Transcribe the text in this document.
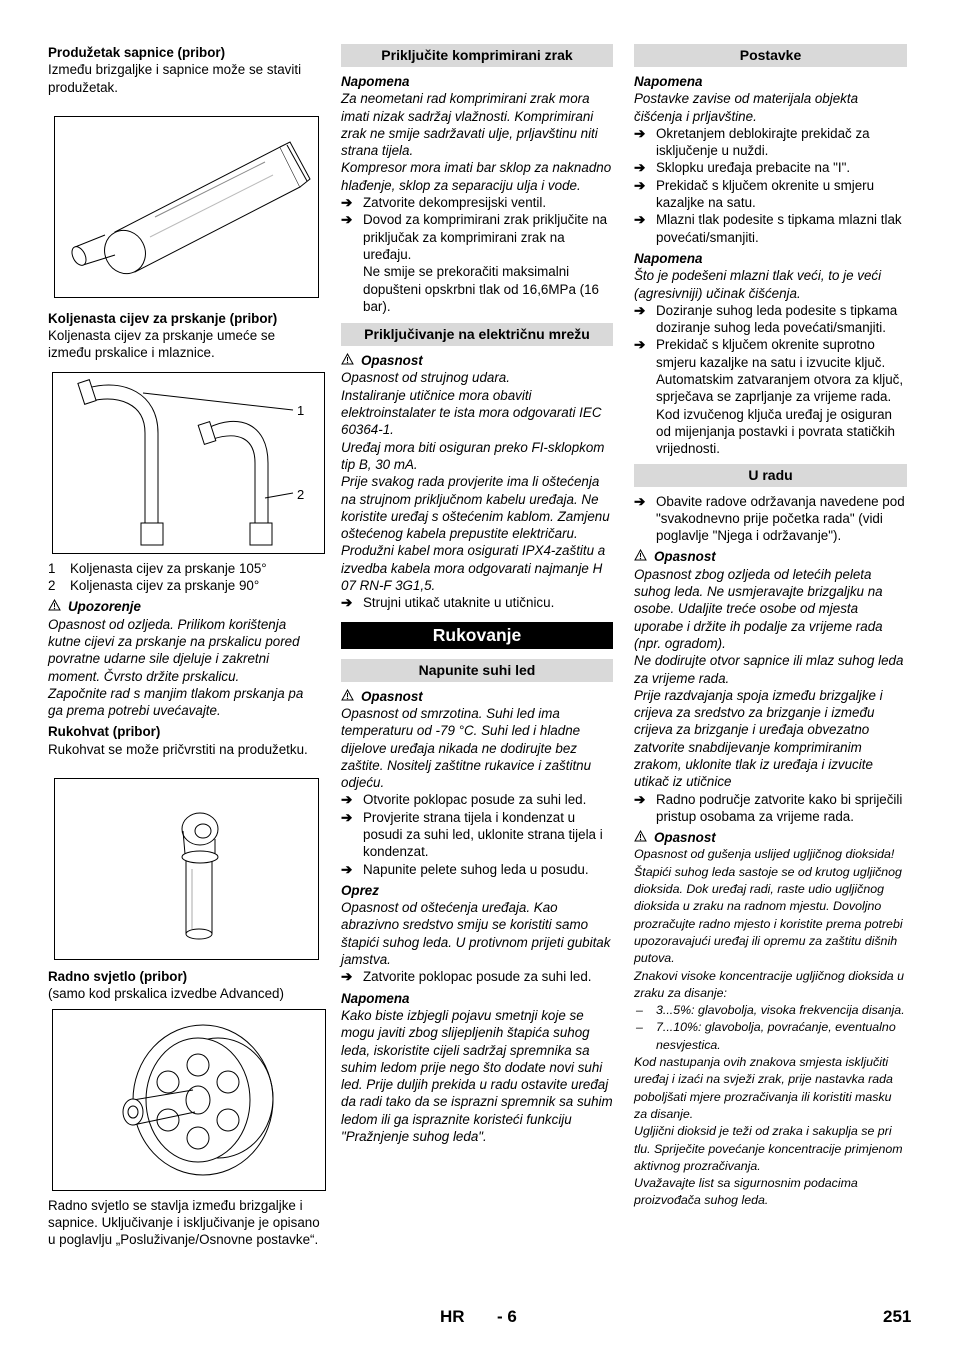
Produžetak sapnice (pribor)

Između brizgaljke i sapnice može se staviti produžetak.

Koljenasta cijev za prskanje (pribor)

Koljenasta cijev za prskanje umeće se između prskalice i mlaznice.

1
2
1	Koljenasta cijev za prskanje 105°
2	Koljenasta cijev za prskanje 90°
Upozorenje

Opasnost od ozljeda. Prilikom korištenja kutne cijevi za prskanje na prskalicu pored povratne udarne sile djeluje i zakretni moment. Čvrsto držite prskalicu.

Započnite rad s manjim tlakom prskanja pa ga prema potrebi uvećavajte.

Rukohvat (pribor)

Rukohvat se može pričvrstiti na produžetku.

Radno svjetlo (pribor)

(samo kod prskalica izvedbe Advanced)

Radno svjetlo se stavlja između brizgaljke i sapnice. Uključivanje i isključivanje je opisano u poglavlju „Posluživanje/Osnovne postavke“.

Priključite komprimirani zrak

Napomena

Za neometani rad komprimirani zrak mora imati nizak sadržaj vlažnosti. Komprimirani zrak ne smije sadržavati ulje, prljavštinu niti strana tijela.

Kompresor mora imati bar sklop za naknadno hlađenje, sklop za separaciju ulja i vode.

➔ Zatvorite dekompresijski ventil.
➔ Dovod za komprimirani zrak priključite na priključak za komprimirani zrak na uređaju.

Ne smije se prekoračiti maksimalni dopušteni opskrbni tlak od 16,6MPa (16 bar).

Priključivanje na električnu mrežu
Opasnost

Opasnost od strujnog udara.

Instaliranje utičnice mora obaviti elektroinstalater te ista mora odgovarati IEC 60364-1.

Uređaj mora biti osiguran preko FI-sklopkom tip B, 30 mA.

Prije svakog rada provjerite ima li oštećenja na strujnom priključnom kabelu uređaja. Ne koristite uređaj s oštećenim kablom. Zamjenu oštećenog kabela prepustite električaru.

Produžni kabel mora osigurati IPX4-zaštitu a izvedba kabela mora odgovarati najmanje H 07 RN-F 3G1,5.

➔ Strujni utikač utaknite u utičnicu.
Rukovanje
Napunite suhi led
Opasnost

Opasnost od smrzotina. Suhi led ima temperaturu od -79 °C. Suhi led i hladne dijelove uređaja nikada ne dodirujte bez zaštite. Nositelj zaštitne rukavice i zaštitnu odjeću.

➔ Otvorite poklopac posude za suhi led.
➔ Provjerite strana tijela i kondenzat u posudi za suhi led, uklonite strana tijela i kondenzat.
➔ Napunite pelete suhog leda u posudu.

Oprez

Opasnost od oštećenja uređaja. Kao abrazivno sredstvo smiju se koristiti samo štapići suhog leda. U protivnom prijeti gubitak jamstva.

➔ Zatvorite poklopac posude za suhi led.

Napomena

Kako biste izbjegli pojavu smetnji koje se mogu javiti zbog slijepljenih štapića suhog leda, iskoristite cijeli sadržaj spremnika sa suhim ledom prije nego što dodate novi suhi led. Prije duljih prekida u radu ostavite uređaj da radi tako da se isprazni spremnik sa suhim ledom ili ga ispraznite koristeći funkciju "Pražnjenje suhog leda".

Postavke

Napomena

Postavke zavise od materijala objekta čišćenja i prljavštine.

➔ Okretanjem deblokirajte prekidač za isključenje u nuždi.
➔ Sklopku uređaja prebacite na "I".
➔ Prekidač s ključem okrenite u smjeru kazaljke na satu.
➔ Mlazni tlak podesite s tipkama mlazni tlak povećati/smanjiti.

Napomena

Što je podešeni mlazni tlak veći, to je veći (agresivniji) učinak čišćenja.

➔ Doziranje suhog leda podesite s tipkama doziranje suhog leda povećati/smanjiti.
➔ Prekidač s ključem okrenite suprotno smjeru kazaljke na satu i izvucite ključ.

Automatskim zatvaranjem otvora za ključ, sprječava se zaprljanje za vrijeme rada.

Kod izvučenog ključa uređaj je osiguran od mijenjanja postavki i povrata statičkih vrijednosti.

U radu
➔ Obavite radove održavanja navedene pod "svakodnevno prije početka rada" (vidi poglavlje "Njega i održavanje").
Opasnost

Opasnost zbog ozljeda od letećih peleta suhog leda. Ne usmjeravajte brizgaljku na osobe. Udaljite treće osobe od mjesta uporabe i držite ih podalje za vrijeme rada (npr. ogradom).

Ne dodirujte otvor sapnice ili mlaz suhog leda za vrijeme rada.

Prije razdvajanja spoja između brizgaljke i crijeva za sredstvo za brizganje i između crijeva za brizganje i uređaja obvezatno zatvorite snabdijevanje komprimiranim zrakom, uklonite tlak iz uređaja i izvucite utikač iz utičnice

➔ Radno područje zatvorite kako bi spriječili pristup osobama za vrijeme rada.
Opasnost

Opasnost od gušenja uslijed ugljičnog dioksida! Štapići suhog leda sastoje se od krutog ugljičnog dioksida. Dok uređaj radi, raste udio ugljičnog dioksida u zraku na radnom mjestu. Dovoljno prozračujte radno mjesto i koristite prema potrebi upozoravajući uređaj ili opremu za zaštitu dišnih putova.

Znakovi visoke koncentracije ugljičnog dioksida u zraku za disanje:

– 3...5%: glavobolja, visoka frekvencija disanja.
– 7...10%: glavobolja, povraćanje, eventualno nesvjestica.

Kod nastupanja ovih znakova smjesta isključiti uređaj i izaći na svježi zrak, prije nastavka rada poboljšati mjere prozračivanja ili koristiti masku za disanje.

Ugljični dioksid je teži od zraka i sakuplja se pri tlu. Spriječite povećanje koncentracije primjenom aktivnog prozračivanja.

Uvažavajte list sa sigurnosnim podacima proizvođača suhog leda.

HR - 6	251
